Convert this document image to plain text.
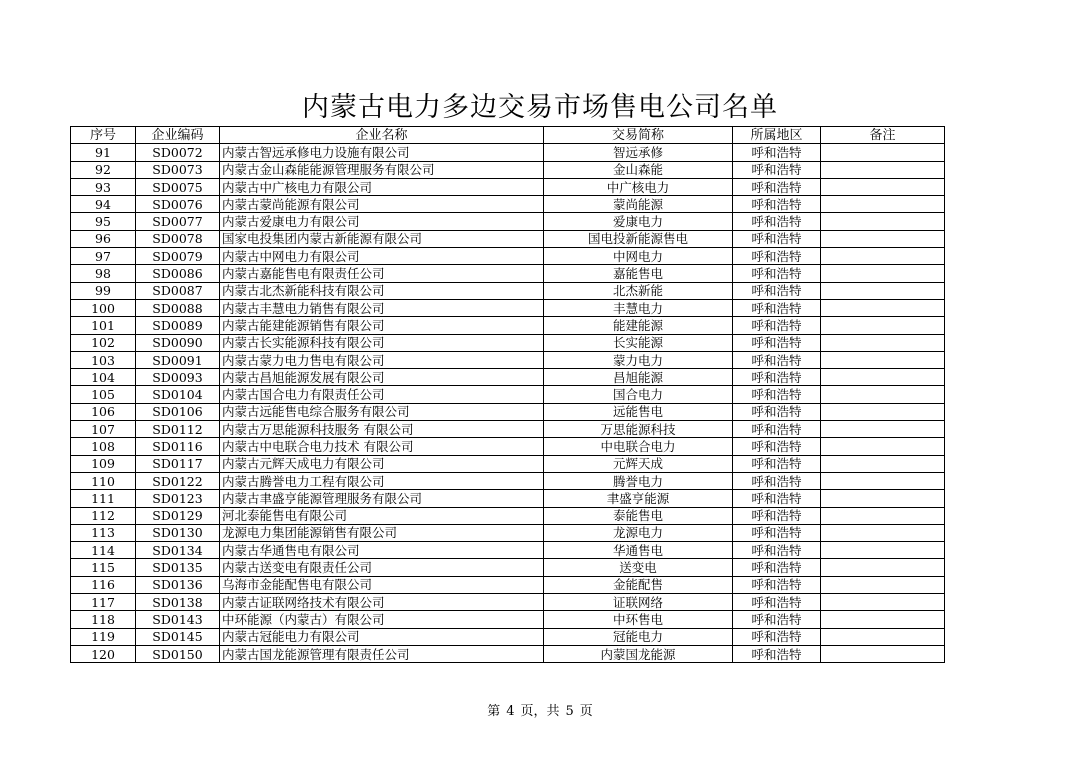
内蒙古电力多边交易市场售电公司名单
序号	企业编码	企业名称	交易简称	所属地区	备注
91	SD0072	内蒙古智远承修电力设施有限公司	智远承修	呼和浩特	
92	SD0073	内蒙古金山森能能源管理服务有限公司	金山森能	呼和浩特	
93	SD0075	内蒙古中广核电力有限公司	中广核电力	呼和浩特	
94	SD0076	内蒙古蒙尚能源有限公司	蒙尚能源	呼和浩特	
95	SD0077	内蒙古爱康电力有限公司	爱康电力	呼和浩特	
96	SD0078	国家电投集团内蒙古新能源有限公司	国电投新能源售电	呼和浩特	
97	SD0079	内蒙古中网电力有限公司	中网电力	呼和浩特	
98	SD0086	内蒙古嘉能售电有限责任公司	嘉能售电	呼和浩特	
99	SD0087	内蒙古北杰新能科技有限公司	北杰新能	呼和浩特	
100	SD0088	内蒙古丰慧电力销售有限公司	丰慧电力	呼和浩特	
101	SD0089	内蒙古能建能源销售有限公司	能建能源	呼和浩特	
102	SD0090	内蒙古长实能源科技有限公司	长实能源	呼和浩特	
103	SD0091	内蒙古蒙力电力售电有限公司	蒙力电力	呼和浩特	
104	SD0093	内蒙古昌旭能源发展有限公司	昌旭能源	呼和浩特	
105	SD0104	内蒙古国合电力有限责任公司	国合电力	呼和浩特	
106	SD0106	内蒙古远能售电综合服务有限公司	远能售电	呼和浩特	
107	SD0112	内蒙古万思能源科技服务 有限公司	万思能源科技	呼和浩特	
108	SD0116	内蒙古中电联合电力技术 有限公司	中电联合电力	呼和浩特	
109	SD0117	内蒙古元辉天成电力有限公司	元辉天成	呼和浩特	
110	SD0122	内蒙古腾誉电力工程有限公司	腾誉电力	呼和浩特	
111	SD0123	内蒙古聿盛亨能源管理服务有限公司	聿盛亨能源	呼和浩特	
112	SD0129	河北泰能售电有限公司	泰能售电	呼和浩特	
113	SD0130	龙源电力集团能源销售有限公司	龙源电力	呼和浩特	
114	SD0134	内蒙古华通售电有限公司	华通售电	呼和浩特	
115	SD0135	内蒙古送变电有限责任公司	送变电	呼和浩特	
116	SD0136	乌海市金能配售电有限公司	金能配售	呼和浩特	
117	SD0138	内蒙古证联网络技术有限公司	证联网络	呼和浩特	
118	SD0143	中环能源（内蒙古）有限公司	中环售电	呼和浩特	
119	SD0145	内蒙古冠能电力有限公司	冠能电力	呼和浩特	
120	SD0150	内蒙古国龙能源管理有限责任公司	内蒙国龙能源	呼和浩特	
第 4 页，共 5 页
